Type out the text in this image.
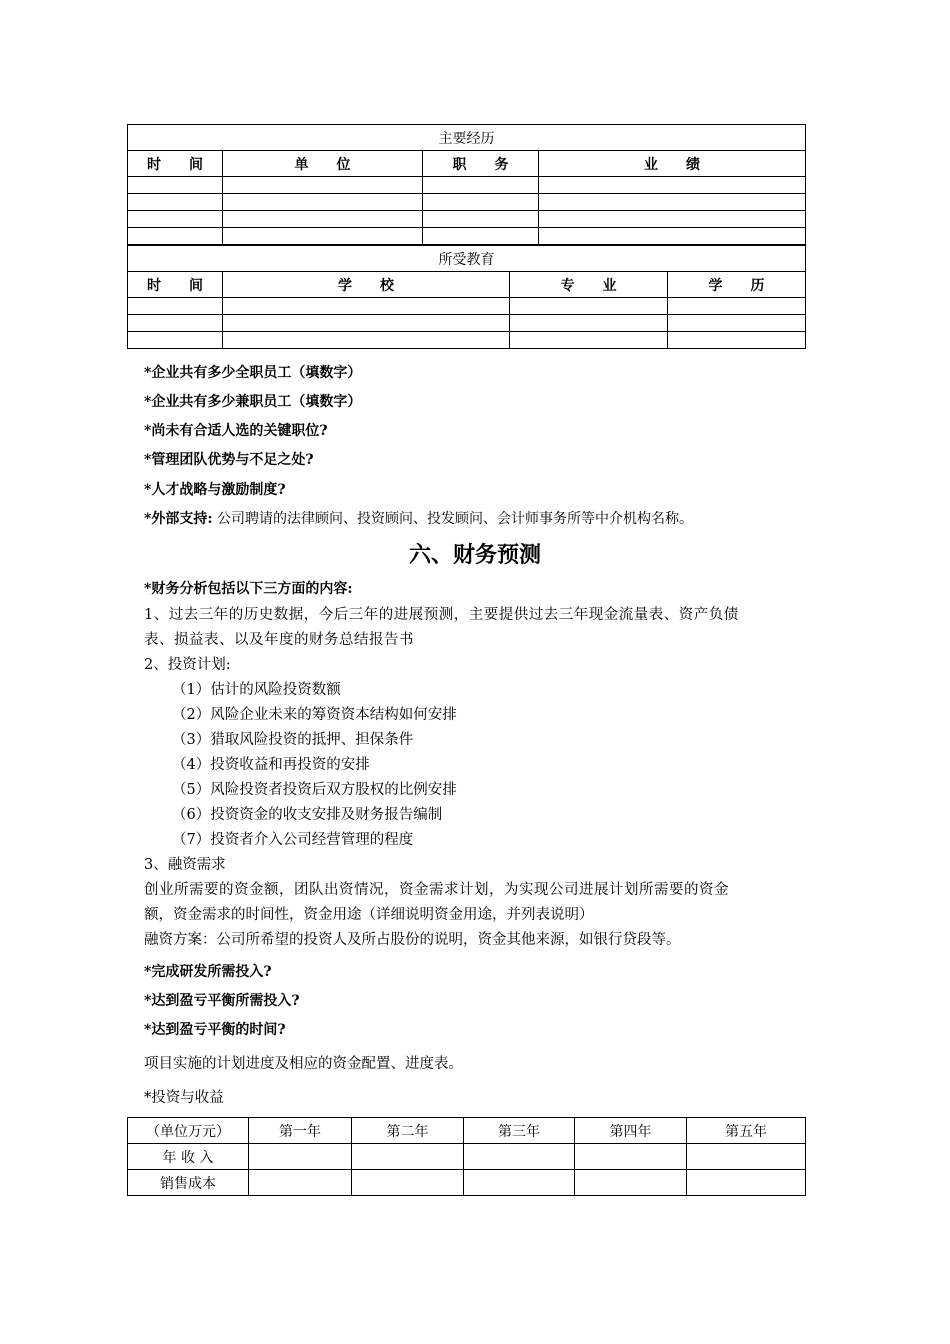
主要经历			
时　　间	单　　位	职　　务	业　　绩

所受教育			
时　　间	学　　校	专　　业	学　　历

*企业共有多少全职员工（填数字）
*企业共有多少兼职员工（填数字）
*尚未有合适人选的关键职位?
*管理团队优势与不足之处?
*人才战略与激励制度?
*外部支持: 公司聘请的法律顾问、投资顾问、投发顾问、会计师事务所等中介机构名称。
六、财务预测
*财务分析包括以下三方面的内容:
1、过去三年的历史数据，今后三年的进展预测，主要提供过去三年现金流量表、资产负债
表、损益表、以及年度的财务总结报告书
2、投资计划:
（1）估计的风险投资数额
（2）风险企业未来的筹资资本结构如何安排
（3）猎取风险投资的抵押、担保条件
（4）投资收益和再投资的安排
（5）风险投资者投资后双方股权的比例安排
（6）投资资金的收支安排及财务报告编制
（7）投资者介入公司经营管理的程度
3、融资需求
创业所需要的资金额，团队出资情况，资金需求计划，为实现公司进展计划所需要的资金
额，资金需求的时间性，资金用途（详细说明资金用途，并列表说明）
融资方案：公司所希望的投资人及所占股份的说明，资金其他来源，如银行贷段等。
*完成研发所需投入?
*达到盈亏平衡所需投入?
*达到盈亏平衡的时间?
项目实施的计划进度及相应的资金配置、进度表。
*投资与收益
（单位万元）	第一年	第二年	第三年	第四年	第五年
年 收 入					
销售成本					
